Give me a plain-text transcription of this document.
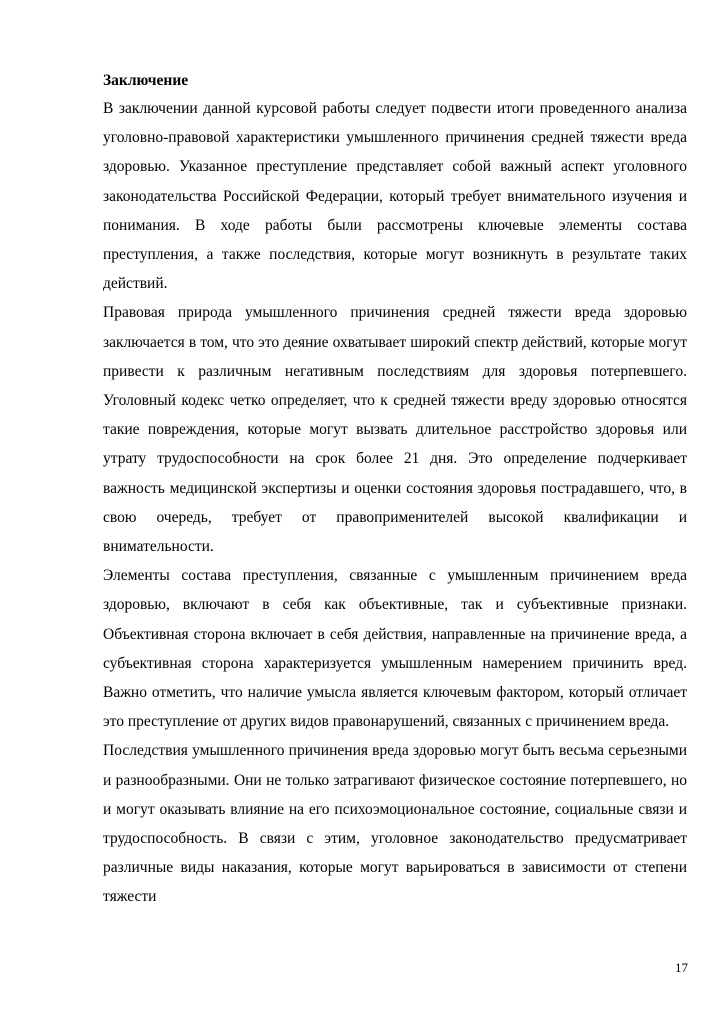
Заключение

В заключении данной курсовой работы следует подвести итоги проведенного анализа уголовно-правовой характеристики умышленного причинения средней тяжести вреда здоровью. Указанное преступление представляет собой важный аспект уголовного законодательства Российской Федерации, который требует внимательного изучения и понимания. В ходе работы были рассмотрены ключевые элементы состава преступления, а также последствия, которые могут возникнуть в результате таких действий.

Правовая природа умышленного причинения средней тяжести вреда здоровью заключается в том, что это деяние охватывает широкий спектр действий, которые могут привести к различным негативным последствиям для здоровья потерпевшего. Уголовный кодекс четко определяет, что к средней тяжести вреду здоровью относятся такие повреждения, которые могут вызвать длительное расстройство здоровья или утрату трудоспособности на срок более 21 дня. Это определение подчеркивает важность медицинской экспертизы и оценки состояния здоровья пострадавшего, что, в свою очередь, требует от правоприменителей высокой квалификации и внимательности.

Элементы состава преступления, связанные с умышленным причинением вреда здоровью, включают в себя как объективные, так и субъективные признаки. Объективная сторона включает в себя действия, направленные на причинение вреда, а субъективная сторона характеризуется умышленным намерением причинить вред. Важно отметить, что наличие умысла является ключевым фактором, который отличает это преступление от других видов правонарушений, связанных с причинением вреда.

Последствия умышленного причинения вреда здоровью могут быть весьма серьезными и разнообразными. Они не только затрагивают физическое состояние потерпевшего, но и могут оказывать влияние на его психоэмоциональное состояние, социальные связи и трудоспособность. В связи с этим, уголовное законодательство предусматривает различные виды наказания, которые могут варьироваться в зависимости от степени тяжести

17
